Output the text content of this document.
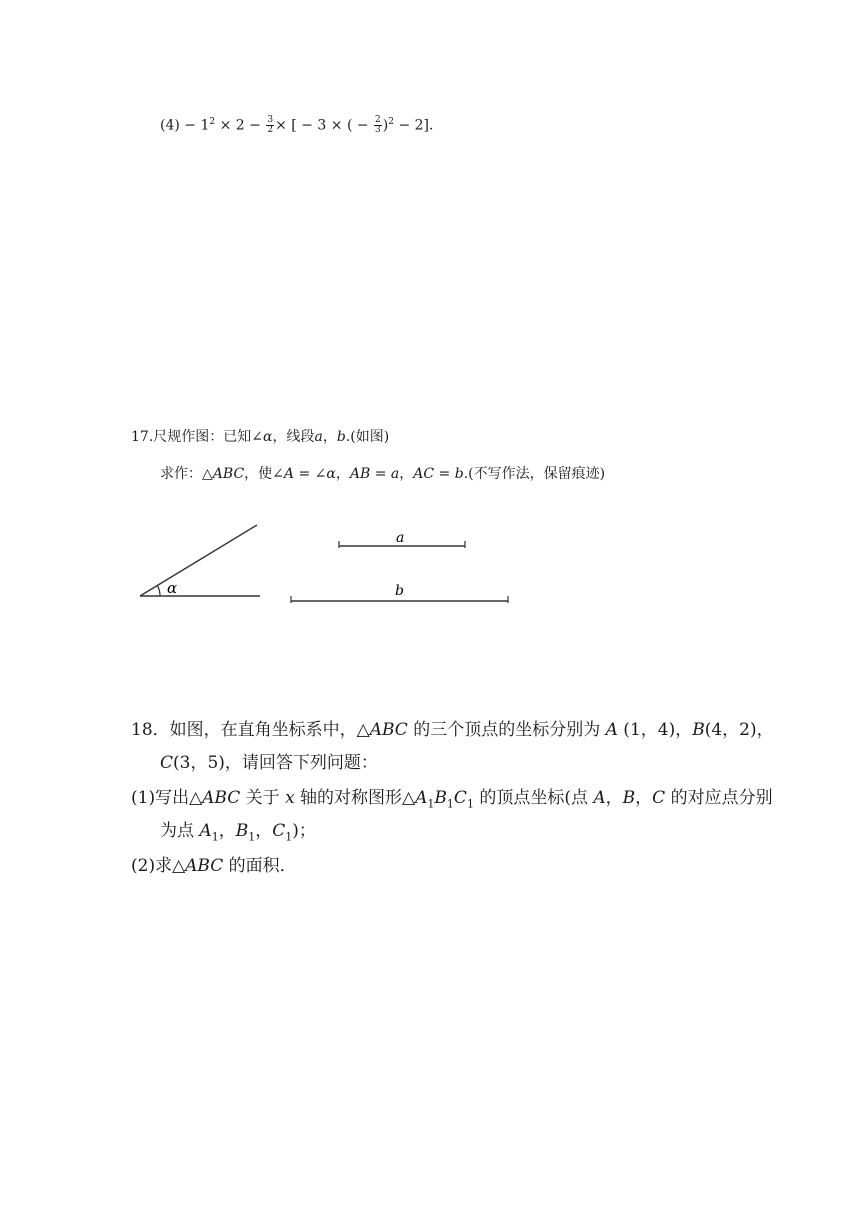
$(4) - 1^2 \times 2 - \frac{3}{2}$ × [ − 3 × ( − $\frac{2}{3} )^2 - 2$].
17.尺规作图：已知∠α，线段a，b.(如图)
求作：△ABC，使∠A = ∠α，AB = a，AC = b.(不写作法，保留痕迹)
α
a
b
18．如图，在直角坐标系中，△ABC 的三个顶点的坐标分别为 A (1，4)，B(4，2)，
C(3，5)，请回答下列问题：
(1)写出△ABC 关于 x 轴的对称图形$\triangle A_1B_1C_1$ 的顶点坐标(点 A，B，C 的对应点分别
为点 $A_1$，$B_1$，$C_1$)；
(2)求△ABC 的面积．
